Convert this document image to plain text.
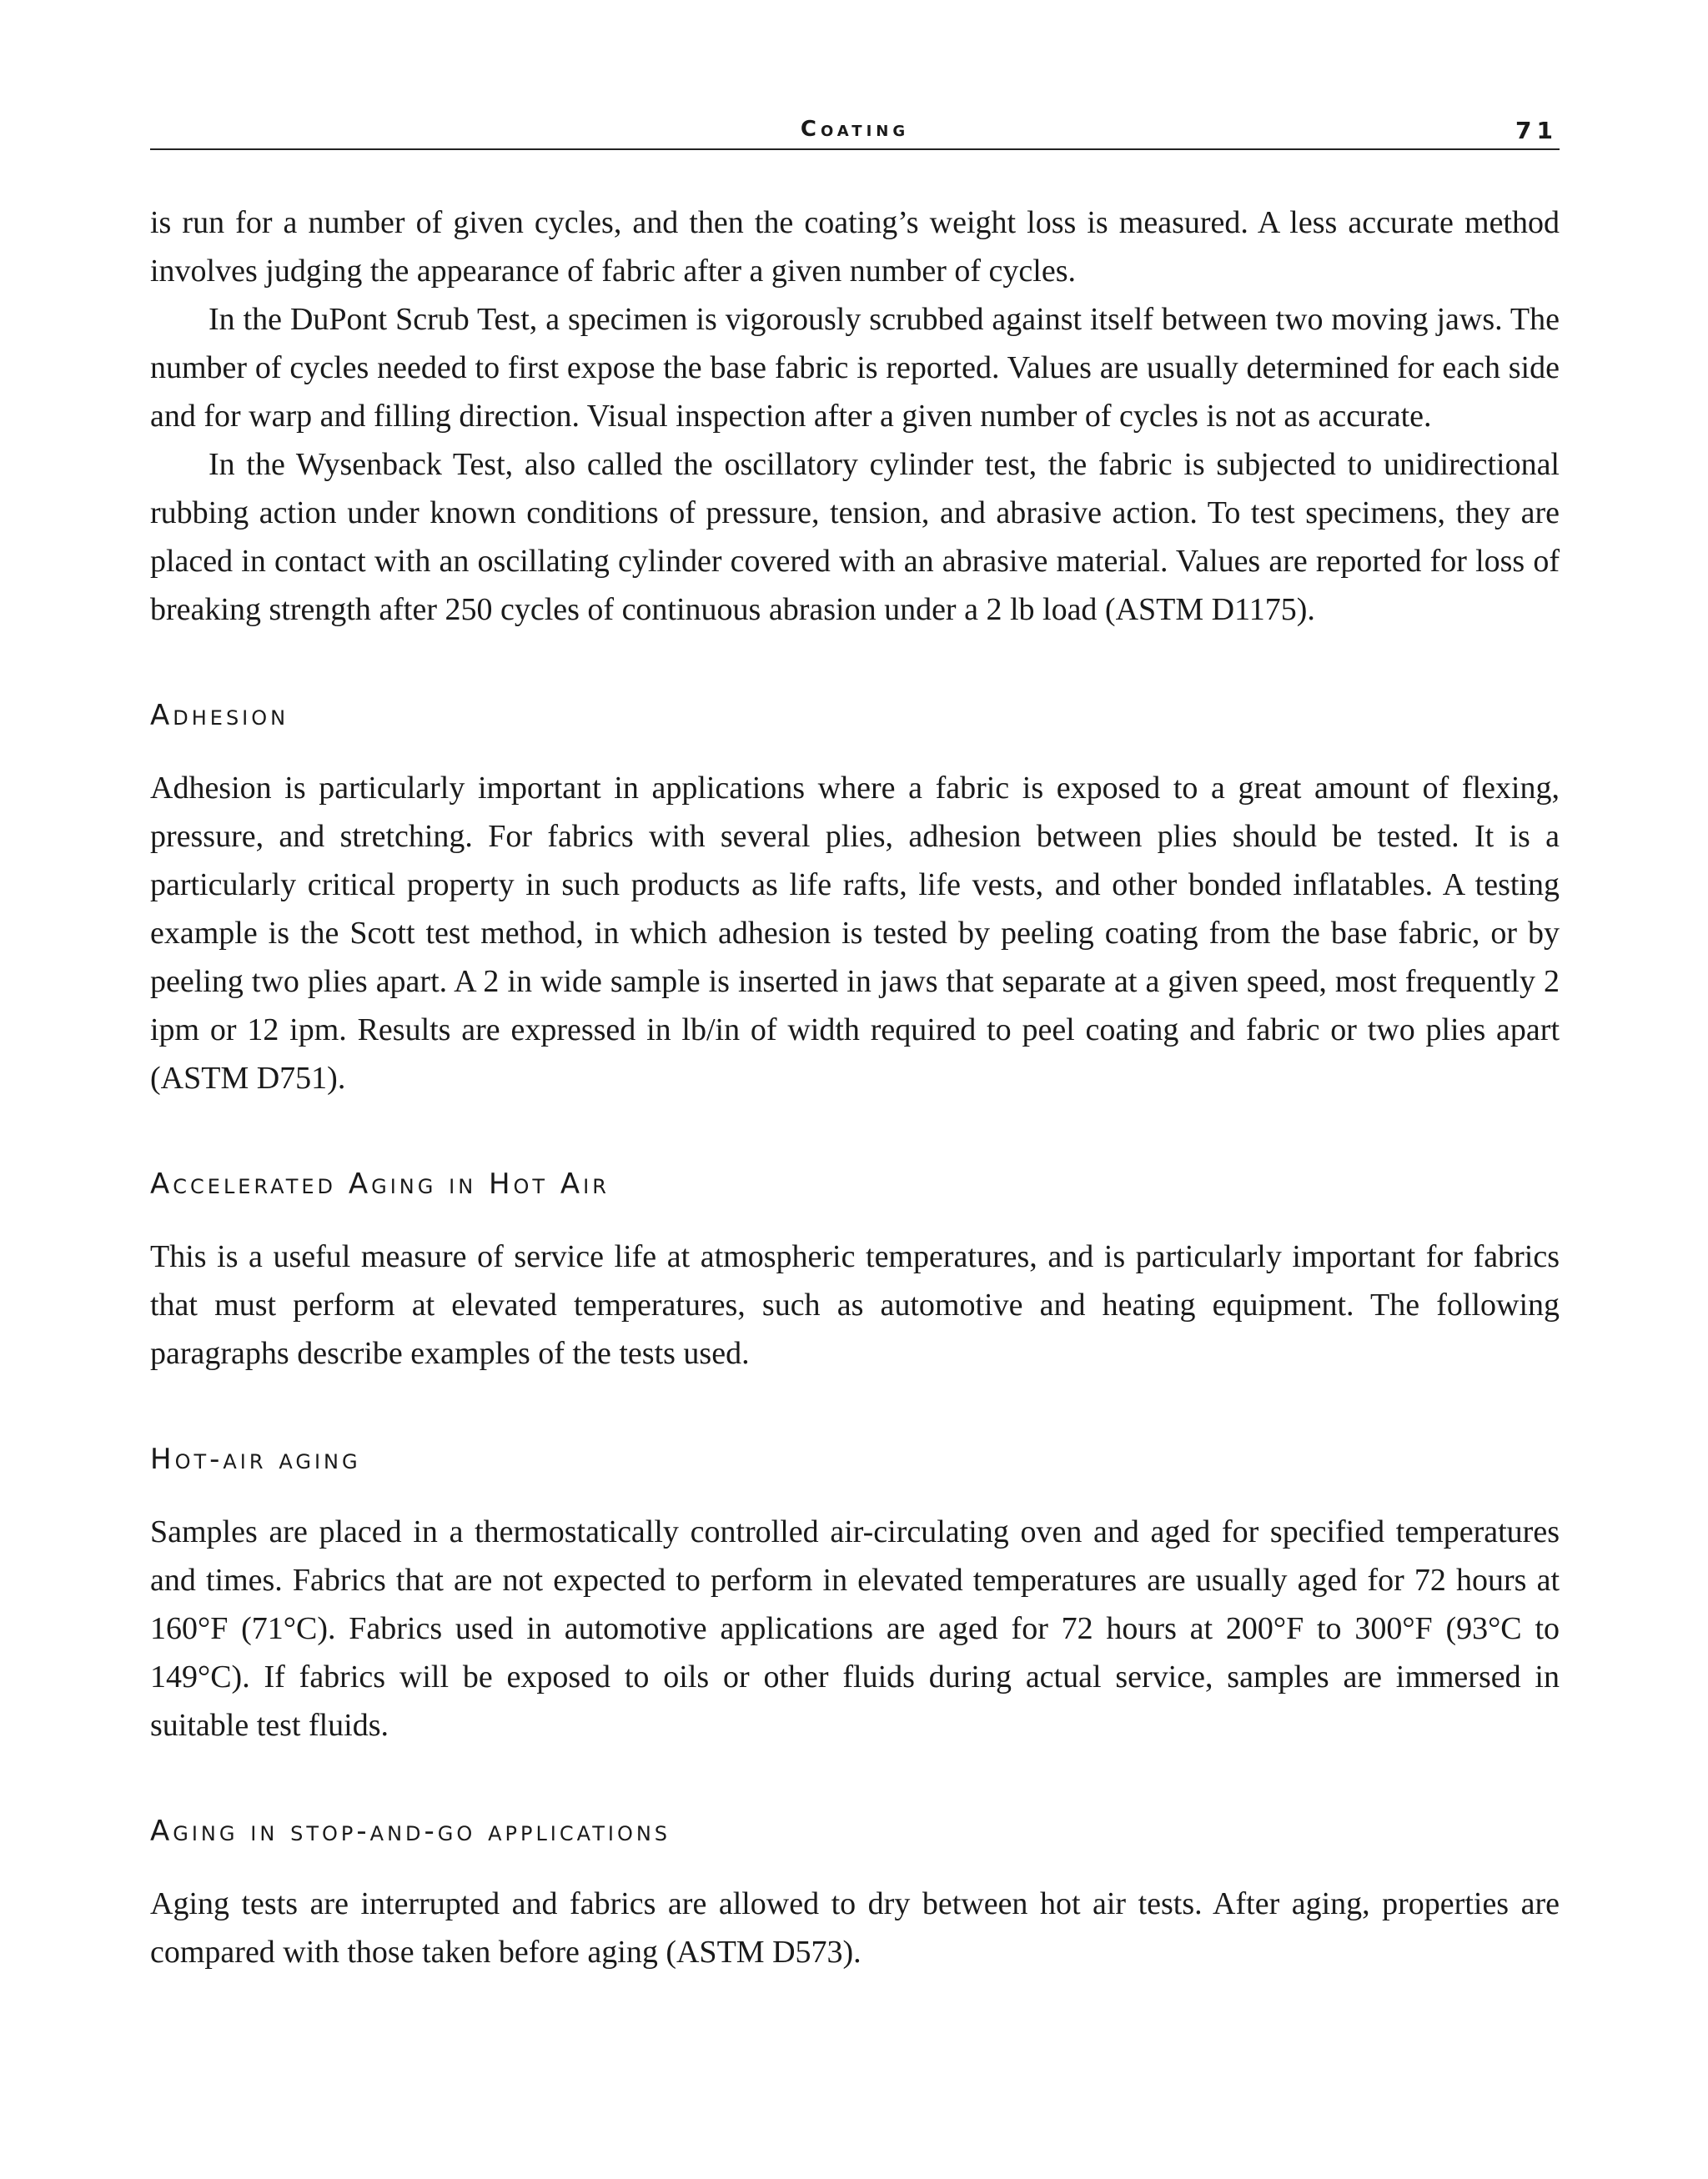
Coating	71

is run for a number of given cycles, and then the coating’s weight loss is measured. A less accurate method involves judging the appearance of fabric after a given number of cycles.

In the DuPont Scrub Test, a specimen is vigorously scrubbed against itself between two moving jaws. The number of cycles needed to first expose the base fabric is reported. Values are usually determined for each side and for warp and filling direction. Visual inspection after a given number of cycles is not as accurate.

In the Wysenback Test, also called the oscillatory cylinder test, the fabric is subjected to unidirectional rubbing action under known conditions of pressure, tension, and abrasive action. To test specimens, they are placed in contact with an oscillating cylinder covered with an abrasive material. Values are reported for loss of breaking strength after 250 cycles of continuous abrasion under a 2 lb load (ASTM D1175).

Adhesion

Adhesion is particularly important in applications where a fabric is exposed to a great amount of flexing, pressure, and stretching. For fabrics with several plies, adhesion between plies should be tested. It is a particularly critical property in such products as life rafts, life vests, and other bonded inflatables. A testing example is the Scott test method, in which adhesion is tested by peeling coating from the base fabric, or by peeling two plies apart. A 2 in wide sample is inserted in jaws that separate at a given speed, most frequently 2 ipm or 12 ipm. Results are expressed in lb/in of width required to peel coating and fabric or two plies apart (ASTM D751).

Accelerated Aging in Hot Air

This is a useful measure of service life at atmospheric temperatures, and is particularly important for fabrics that must perform at elevated temperatures, such as automotive and heating equipment. The following paragraphs describe examples of the tests used.

Hot-air aging

Samples are placed in a thermostatically controlled air-circulating oven and aged for specified temperatures and times. Fabrics that are not expected to perform in elevated temperatures are usually aged for 72 hours at 160°F (71°C). Fabrics used in automotive applications are aged for 72 hours at 200°F to 300°F (93°C to 149°C). If fabrics will be exposed to oils or other fluids during actual service, samples are immersed in suitable test fluids.

Aging in stop-and-go applications

Aging tests are interrupted and fabrics are allowed to dry between hot air tests. After aging, properties are compared with those taken before aging (ASTM D573).
